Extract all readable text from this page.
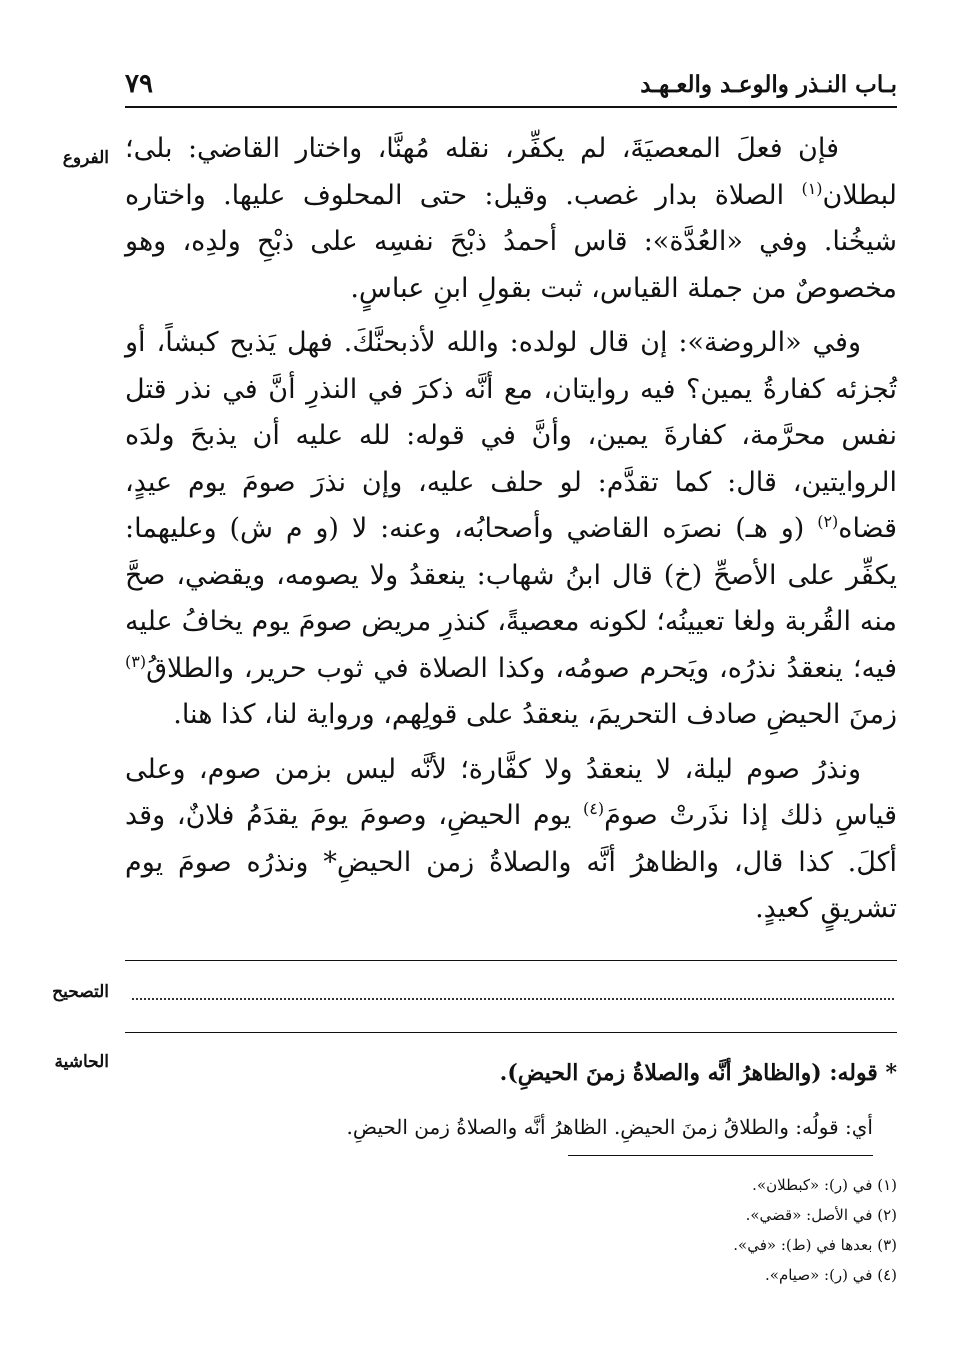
بـاب النـذر والوعـد والعـهـد
٧٩
الفروع فإن فعلَ المعصيَةَ، لم يكفِّر، نقله مُهنَّا، واختار القاضي: بلى؛ لبطلان$^{(١)}$ الصلاة بدار غصب. وقيل: حتى المحلوف عليها. واختاره شيخُنا. وفي «العُدَّة»: قاس أحمدُ ذبْحَ نفسِه على ذبْحِ ولدِه، وهو مخصوصٌ من جملة القياس، ثبت بقولِ ابنِ عباسٍ.

وفي «الروضة»: إن قال لولده: والله لأذبحنَّكَ. فهل يَذبح كبشاً، أو تُجزئه كفارةُ يمين؟ فيه روايتان، مع أنَّه ذكرَ في النذرِ أنَّ في نذر قتل نفس محرَّمة، كفارةَ يمين، وأنَّ في قوله: لله عليه أن يذبحَ ولدَه الروايتين، قال: كما تقدَّم: لو حلف عليه، وإن نذرَ صومَ يوم عيدٍ، قضاه$^{(٢)}$ (و هـ) نصرَه القاضي وأصحابُه، وعنه: لا (و م ش) وعليهما: يكفِّر على الأصحِّ (خ) قال ابنُ شهاب: ينعقدُ ولا يصومه، ويقضي، صحَّ منه القُربة ولغا تعيينُه؛ لكونه معصيةً، كنذرِ مريض صومَ يوم يخافُ عليه فيه؛ ينعقدُ نذرُه، ويَحرم صومُه، وكذا الصلاة في ثوب حرير، والطلاقُ$^{(٣)}$ زمنَ الحيضِ صادف التحريمَ، ينعقدُ على قولِهم، ورواية لنا، كذا هنا.

ونذرُ صوم ليلة، لا ينعقدُ ولا كفَّارة؛ لأنَّه ليس بزمن صوم، وعلى قياسِ ذلك إذا نذَرتْ صومَ$^{(٤)}$ يوم الحيضِ، وصومَ يومَ يقدَمُ فلانٌ، وقد أكلَ. كذا قال، والظاهرُ أنَّه والصلاةُ زمن الحيضِ* ونذرُه صومَ يوم تشريقٍ كعيدٍ.

التصحيح
الحاشية	* قوله: (والظاهرُ أنَّه والصلاةُ زمنَ الحيضِ).
أي: قولُه: والطلاقُ زمنَ الحيضِ. الظاهرُ أنَّه والصلاةُ زمن الحيضِ.
(١) في (ر): «كبطلان».
(٢) في الأصل: «قضي».
(٣) بعدها في (ط): «في».
(٤) في (ر): «صيام».
